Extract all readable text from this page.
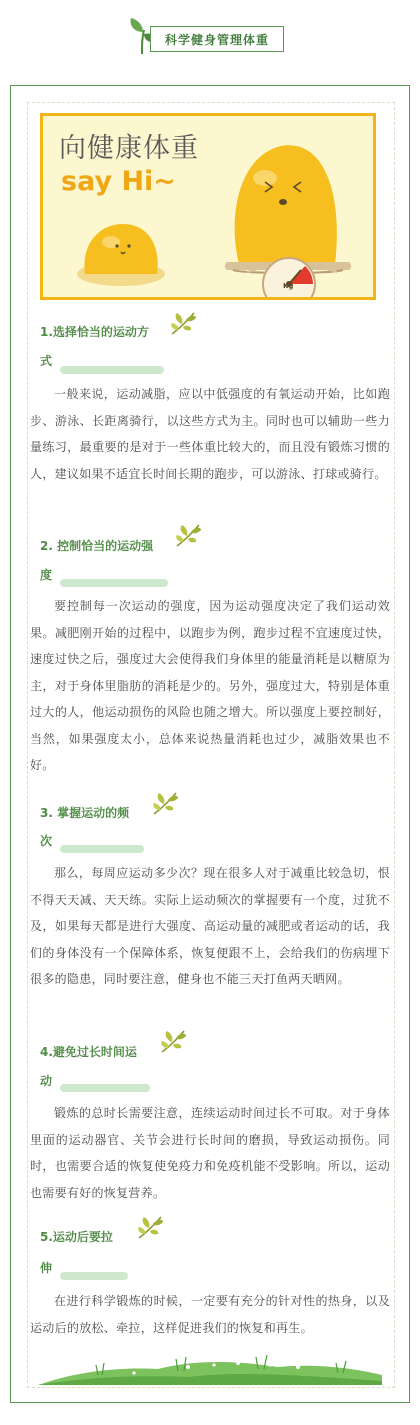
科学健身管理体重
向健康体重
say Hi~
Kg
1.选择恰当的运动方
式
一般来说，运动减脂，应以中低强度的有氧运动开始，比如跑步、游泳、长距离骑行，以这些方式为主。同时也可以辅助一些力量练习，最重要的是对于一些体重比较大的，而且没有锻炼习惯的人，建议如果不适宜长时间长期的跑步，可以游泳、打球或骑行。
2. 控制恰当的运动强
度
要控制每一次运动的强度，因为运动强度决定了我们运动效果。减肥刚开始的过程中，以跑步为例，跑步过程不宜速度过快，速度过快之后，强度过大会使得我们身体里的能量消耗是以糖原为主，对于身体里脂肪的消耗是少的。另外，强度过大，特别是体重过大的人，他运动损伤的风险也随之增大。所以强度上要控制好，当然，如果强度太小，总体来说热量消耗也过少，减脂效果也不好。
3. 掌握运动的频
次
那么，每周应运动多少次？现在很多人对于减重比较急切，恨不得天天减、天天练。实际上运动频次的掌握要有一个度，过犹不及，如果每天都是进行大强度、高运动量的减肥或者运动的话，我们的身体没有一个保障体系，恢复便跟不上，会给我们的伤病埋下很多的隐患，同时要注意，健身也不能三天打鱼两天晒网。
4.避免过长时间运
动
锻炼的总时长需要注意，连续运动时间过长不可取。对于身体里面的运动器官、关节会进行长时间的磨损，导致运动损伤。同时，也需要合适的恢复使免疫力和免疫机能不受影响。所以，运动也需要有好的恢复营养。
5.运动后要拉
伸
在进行科学锻炼的时候，一定要有充分的针对性的热身，以及运动后的放松、牵拉，这样促进我们的恢复和再生。
